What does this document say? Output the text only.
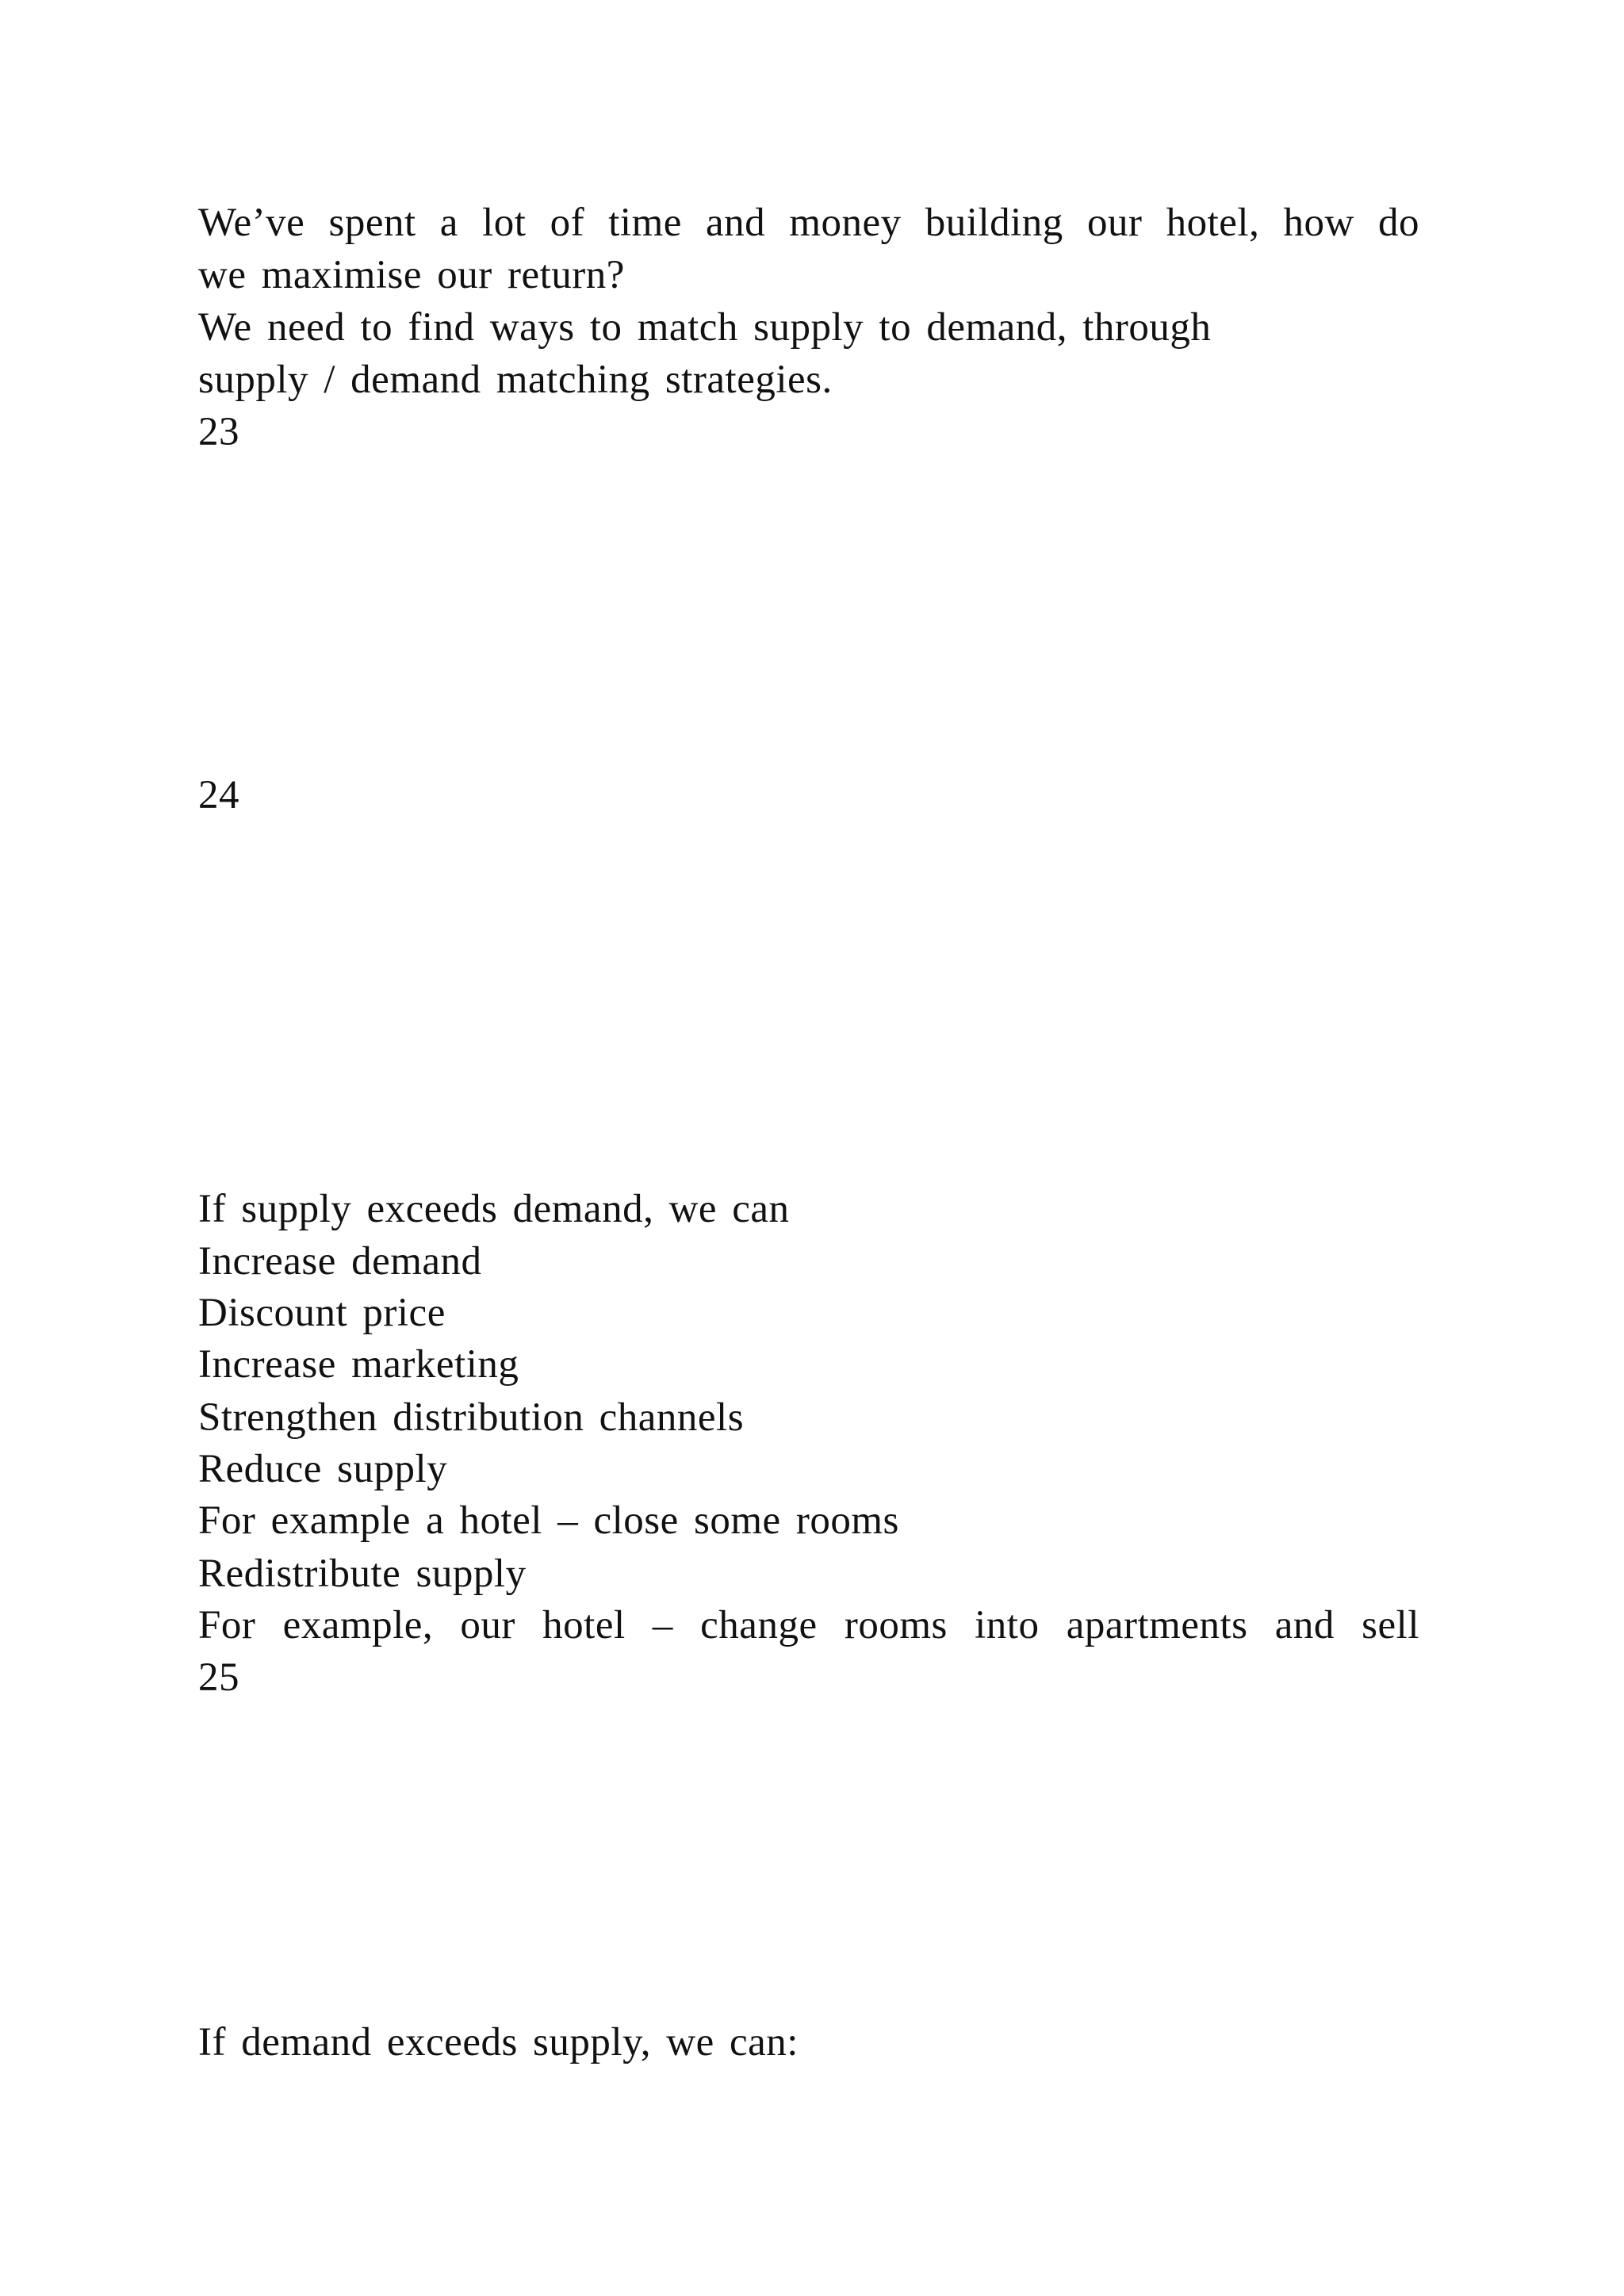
We’ve spent a lot of time and money building our hotel, how do
we maximise our return?
We need to find ways to match supply to demand, through
supply / demand matching strategies.
23
24
If supply exceeds demand, we can
Increase demand
Discount price
Increase marketing
Strengthen distribution channels
Reduce supply
For example a hotel – close some rooms
Redistribute supply
For example, our hotel – change rooms into apartments and sell
25
If demand exceeds supply, we can:
